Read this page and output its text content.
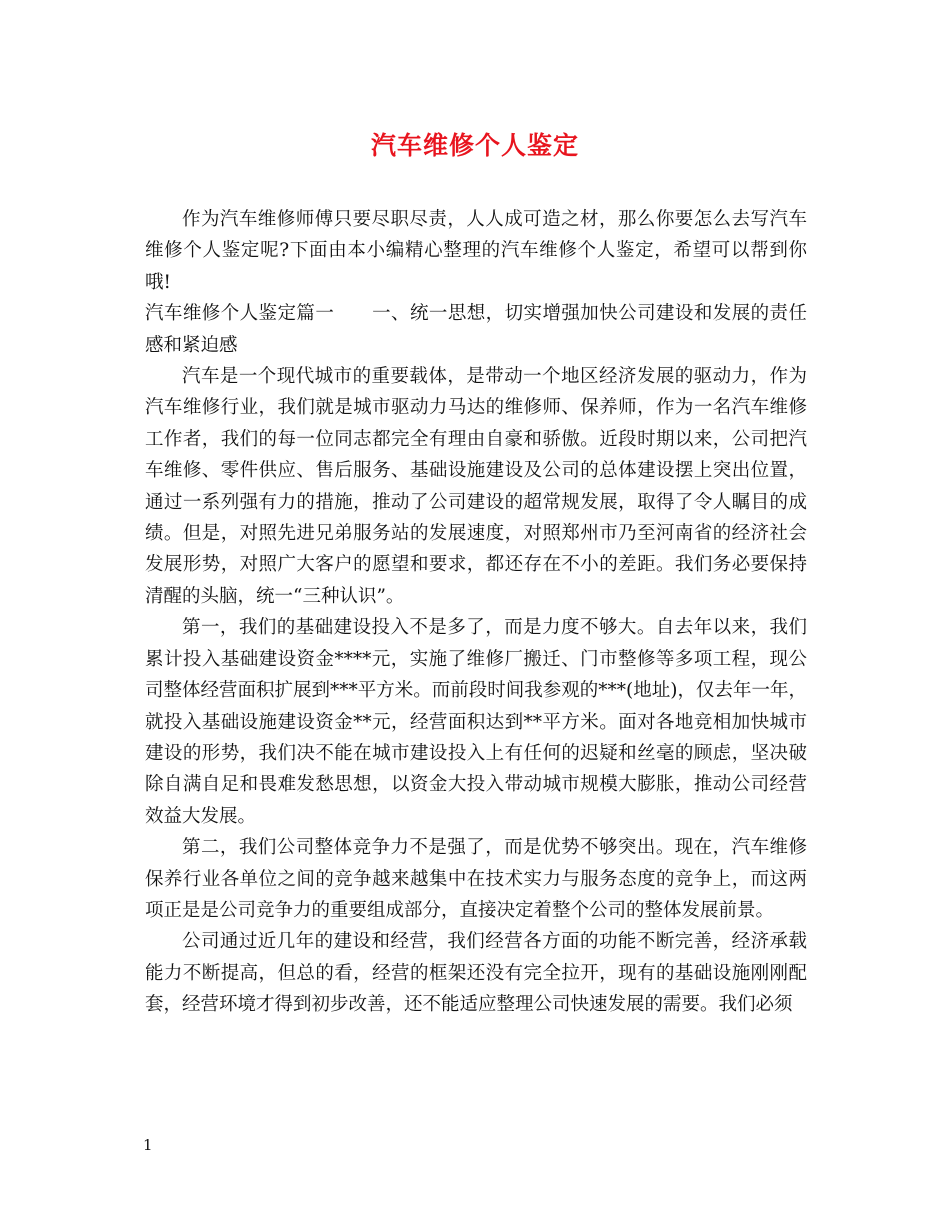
汽车维修个人鉴定

作为汽车维修师傅只要尽职尽责，人人成可造之材，那么你要怎么去写汽车维修个人鉴定呢?下面由本小编精心整理的汽车维修个人鉴定，希望可以帮到你哦!

汽车维修个人鉴定篇一　　一、统一思想，切实增强加快公司建设和发展的责任感和紧迫感

汽车是一个现代城市的重要载体，是带动一个地区经济发展的驱动力，作为汽车维修行业，我们就是城市驱动力马达的维修师、保养师，作为一名汽车维修工作者，我们的每一位同志都完全有理由自豪和骄傲。近段时期以来，公司把汽车维修、零件供应、售后服务、基础设施建设及公司的总体建设摆上突出位置，通过一系列强有力的措施，推动了公司建设的超常规发展，取得了令人瞩目的成绩。但是，对照先进兄弟服务站的发展速度，对照郑州市乃至河南省的经济社会发展形势，对照广大客户的愿望和要求，都还存在不小的差距。我们务必要保持清醒的头脑，统一“三种认识”。

第一，我们的基础建设投入不是多了，而是力度不够大。自去年以来，我们累计投入基础建设资金****元，实施了维修厂搬迁、门市整修等多项工程，现公司整体经营面积扩展到***平方米。而前段时间我参观的***(地址)，仅去年一年，就投入基础设施建设资金**元，经营面积达到**平方米。面对各地竞相加快城市建设的形势，我们决不能在城市建设投入上有任何的迟疑和丝毫的顾虑，坚决破除自满自足和畏难发愁思想，以资金大投入带动城市规模大膨胀，推动公司经营效益大发展。

第二，我们公司整体竞争力不是强了，而是优势不够突出。现在，汽车维修保养行业各单位之间的竞争越来越集中在技术实力与服务态度的竞争上，而这两项正是是公司竞争力的重要组成部分，直接决定着整个公司的整体发展前景。

公司通过近几年的建设和经营，我们经营各方面的功能不断完善，经济承载能力不断提高，但总的看，经营的框架还没有完全拉开，现有的基础设施刚刚配套，经营环境才得到初步改善，还不能适应整理公司快速发展的需要。我们必须

1
